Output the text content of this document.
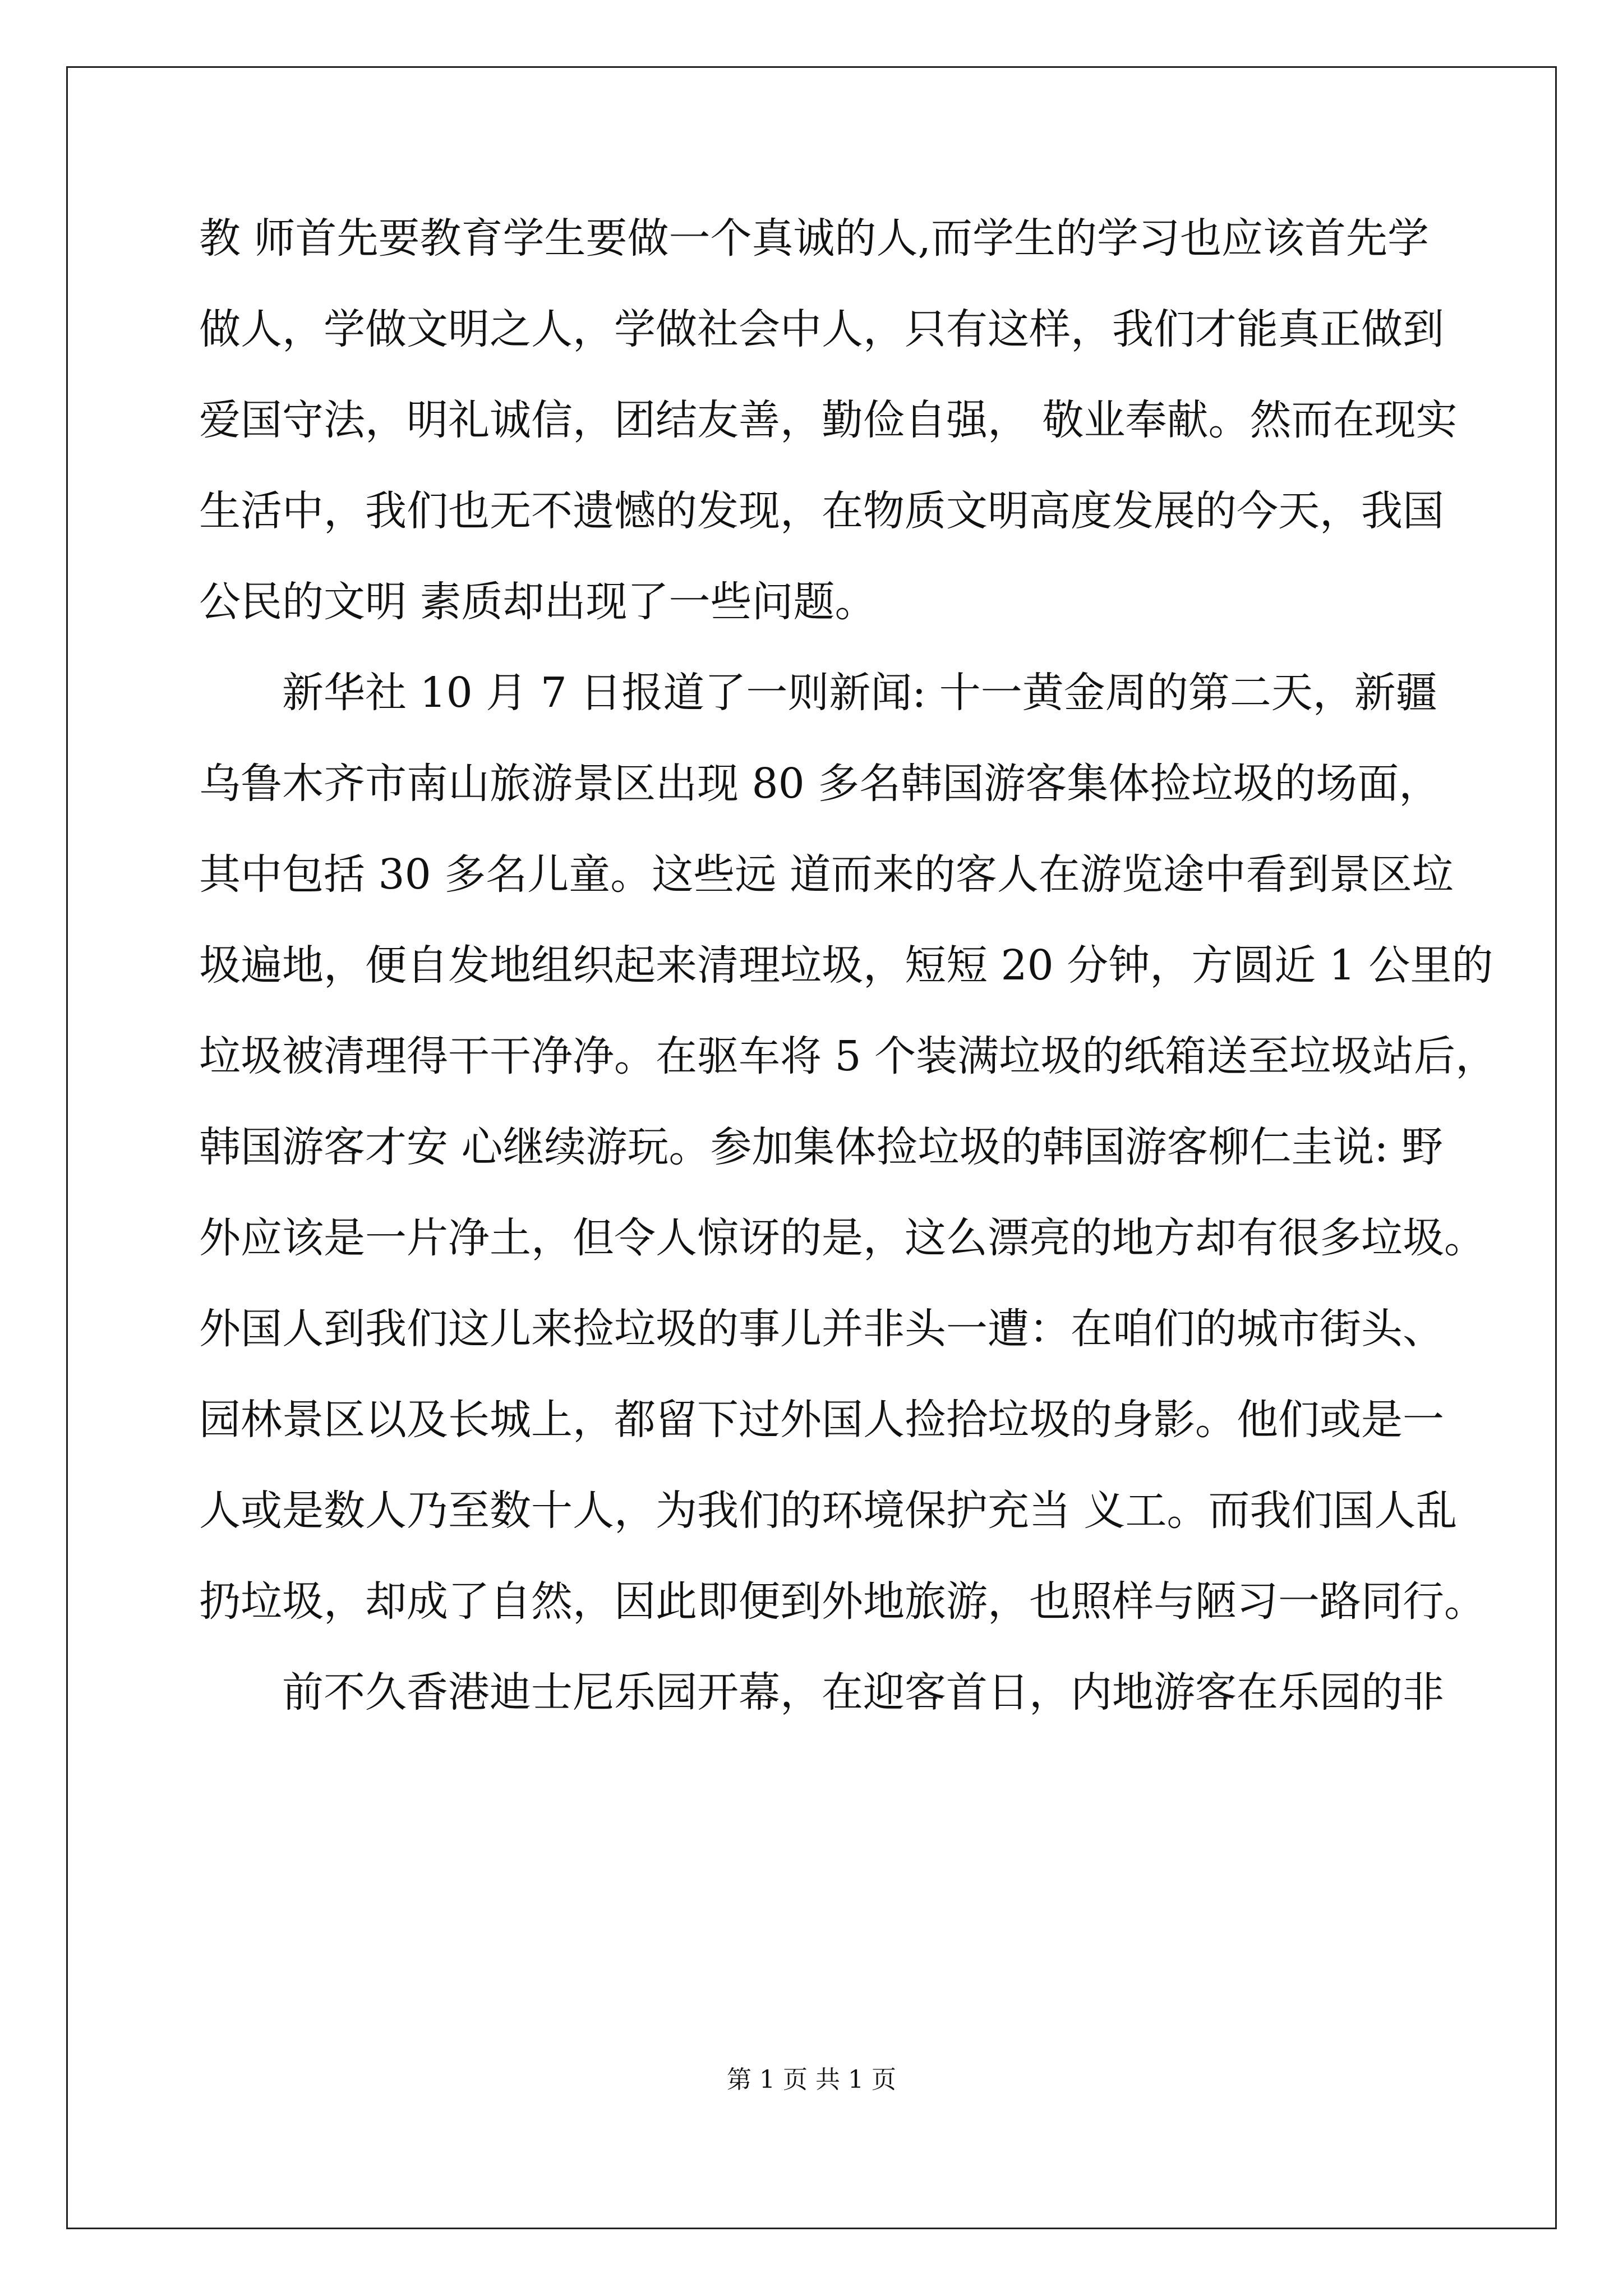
教 师首先要教育学生要做一个真诚的人,而学生的学习也应该首先学
做人，学做文明之人，学做社会中人，只有这样，我们才能真正做到
爱国守法，明礼诚信，团结友善，勤俭自强， 敬业奉献。然而在现实
生活中，我们也无不遗憾的发现，在物质文明高度发展的今天，我国
公民的文明 素质却出现了一些问题。
新华社 10 月 7 日报道了一则新闻: 十一黄金周的第二天，新疆
乌鲁木齐市南山旅游景区出现 80 多名韩国游客集体捡垃圾的场面，
其中包括 30 多名儿童。这些远 道而来的客人在游览途中看到景区垃
圾遍地，便自发地组织起来清理垃圾，短短 20 分钟，方圆近 1 公里的
垃圾被清理得干干净净。在驱车将 5 个装满垃圾的纸箱送至垃圾站后，
韩国游客才安 心继续游玩。参加集体捡垃圾的韩国游客柳仁圭说: 野
外应该是一片净土，但令人惊讶的是，这么漂亮的地方却有很多垃圾。
外国人到我们这儿来捡垃圾的事儿并非头一遭：在咱们的城市街头、
园林景区以及长城上，都留下过外国人捡拾垃圾的身影。他们或是一
人或是数人乃至数十人，为我们的环境保护充当 义工。而我们国人乱
扔垃圾，却成了自然，因此即便到外地旅游，也照样与陋习一路同行。
前不久香港迪士尼乐园开幕，在迎客首日，内地游客在乐园的非
第 1 页 共 1 页
